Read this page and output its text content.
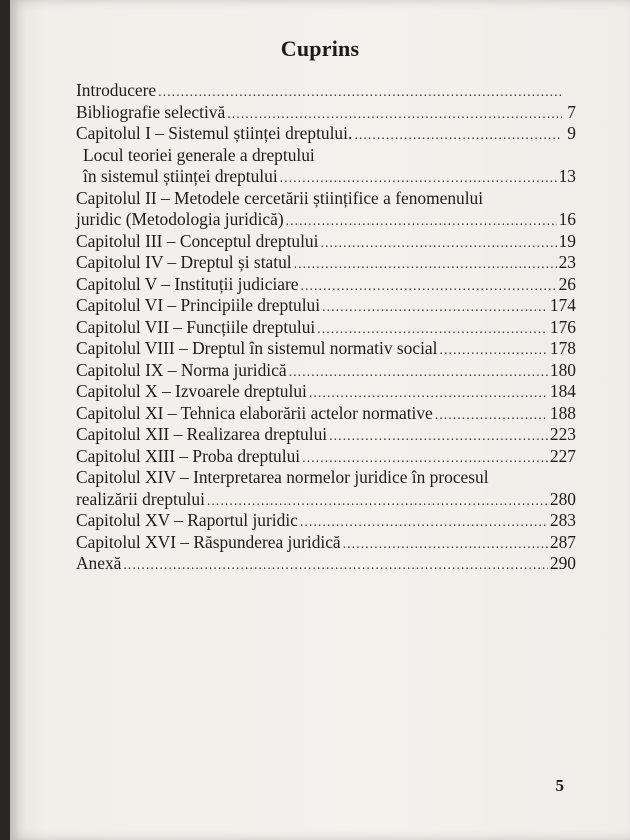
Cuprins
Introducere
.....
Bibliografie selectivă .....	7
Capitolul I – Sistemul științei dreptului. .....	9
Locul teoriei generale a dreptului
în sistemul științei dreptului .....	13
Capitolul II – Metodele cercetării științifice a fenomenului
juridic (Metodologia juridică) .....	16
Capitolul III – Conceptul dreptului .....	19
Capitolul IV – Dreptul și statul .....	23
Capitolul V – Instituții judiciare .....	26
Capitolul VI – Principiile dreptului .....	174
Capitolul VII – Funcțiile dreptului .....	176
Capitolul VIII – Dreptul în sistemul normativ social .....	178
Capitolul IX – Norma juridică .....	180
Capitolul X – Izvoarele dreptului .....	184
Capitolul XI – Tehnica elaborării actelor normative .....	188
Capitolul XII – Realizarea dreptului .....	223
Capitolul XIII – Proba dreptului .....	227
Capitolul XIV – Interpretarea normelor juridice în procesul
realizării dreptului .....	280
Capitolul XV – Raportul juridic .....	283
Capitolul XVI – Răspunderea juridică .....	287
Anexă .....	290
5
